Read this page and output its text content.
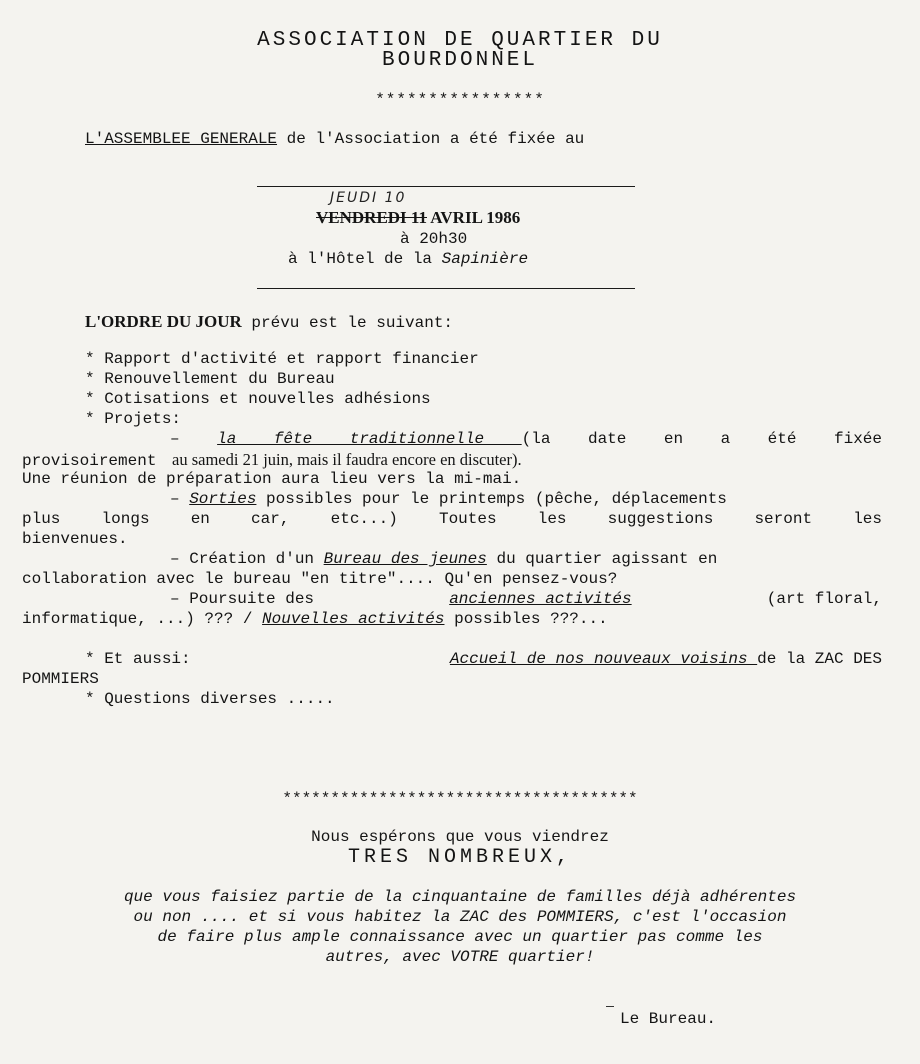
ASSOCIATION DE QUARTIER DU
BOURDONNEL
****************
L'ASSEMBLEE GENERALE de l'Association a été fixée au
JEUDI 10
VENDREDI 11 AVRIL 1986
à 20h30
à l'Hôtel de la Sapinière
L'ORDRE DU JOUR prévu est le suivant:
* Rapport d'activité et rapport financier
* Renouvellement du Bureau
* Cotisations et nouvelles adhésions
* Projets:
– la fête traditionnelle (la date en a été fixée
provisoirement au samedi 21 juin, mais il faudra encore en discuter).
Une réunion de préparation aura lieu vers la mi-mai.
– Sorties possibles pour le printemps (pêche, déplacements
plus longs en car, etc...) Toutes les suggestions seront les
bienvenues.
– Création d'un Bureau des jeunes du quartier agissant en
collaboration avec le bureau "en titre".... Qu'en pensez-vous?
– Poursuite des	anciennes activités	(art floral,
informatique, ...) ??? / Nouvelles activités possibles ???...
* Et aussi:	Accueil de nos nouveaux voisins de la ZAC DES
POMMIERS
* Questions diverses .....
*************************************
Nous espérons que vous viendrez
TRES NOMBREUX,
que vous faisiez partie de la cinquantaine de familles déjà adhérentes
ou non .... et si vous habitez la ZAC des POMMIERS, c'est l'occasion
de faire plus ample connaissance avec un quartier pas comme les
autres, avec VOTRE quartier!
Le Bureau.
